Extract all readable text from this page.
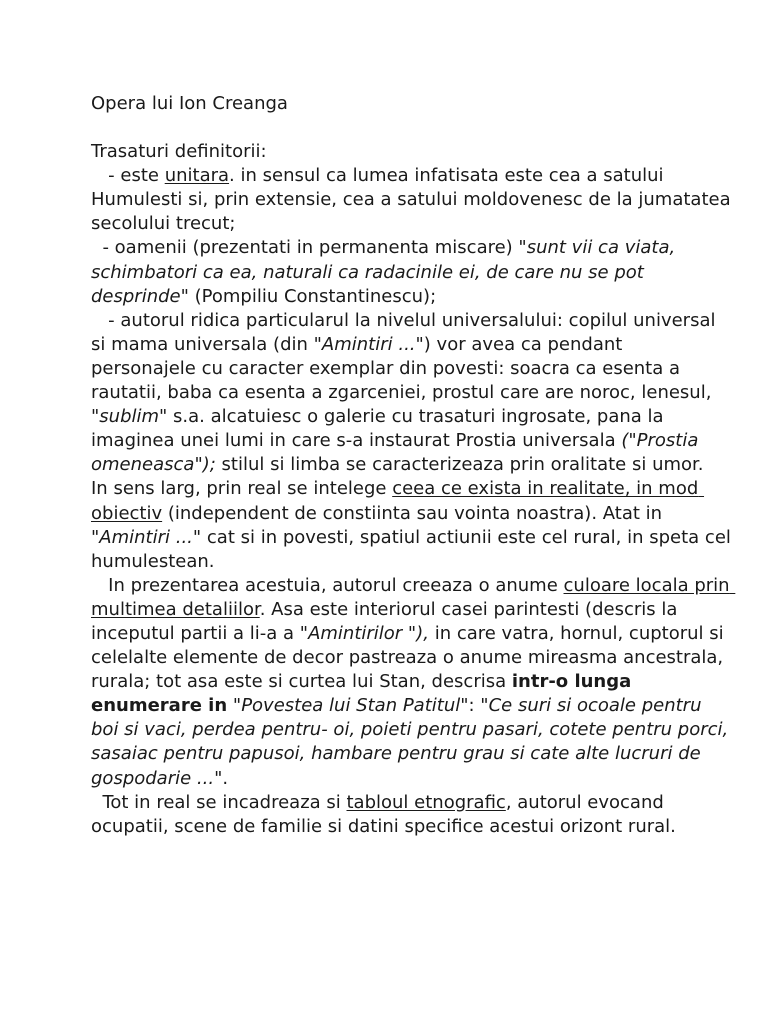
Opera lui Ion Creanga

Trasaturi definitorii:

- este unitara. in sensul ca lumea infatisata este cea a satului Humulesti si, prin extensie, cea a satului moldovenesc de la jumatatea secolului trecut;

- oamenii (prezentati in permanenta miscare) "sunt vii ca viata, schimbatori ca ea, naturali ca radacinile ei, de care nu se pot desprinde" (Pompiliu Constantinescu);

- autorul ridica particularul la nivelul universalului: copilul universal si mama universala (din "Amintiri ...") vor avea ca pendant personajele cu caracter exemplar din povesti: soacra ca esenta a rautatii, baba ca esenta a zgarceniei, prostul care are noroc, lenesul, "sublim" s.a. alcatuiesc o galerie cu trasaturi ingrosate, pana la imaginea unei lumi in care s-a instaurat Prostia universala ("Prostia omeneasca"); stilul si limba se caracterizeaza prin oralitate si umor.

In sens larg, prin real se intelege ceea ce exista in realitate, in mod obiectiv (independent de constiinta sau vointa noastra). Atat in "Amintiri ..." cat si in povesti, spatiul actiunii este cel rural, in speta cel humulestean.

In prezentarea acestuia, autorul creeaza o anume culoare locala prin multimea detaliilor. Asa este interiorul casei parintesti (descris la inceputul partii a li-a a "Amintirilor "), in care vatra, hornul, cuptorul si celelalte elemente de decor pastreaza o anume mireasma ancestrala, rurala; tot asa este si curtea lui Stan, descrisa intr-o lunga enumerare in "Povestea lui Stan Patitul": "Ce suri si ocoale pentru boi si vaci, perdea pentru- oi, poieti pentru pasari, cotete pentru porci, sasaiac pentru papusoi, hambare pentru grau si cate alte lucruri de gospodarie ...".

Tot in real se incadreaza si tabloul etnografic, autorul evocand ocupatii, scene de familie si datini specifice acestui orizont rural.
